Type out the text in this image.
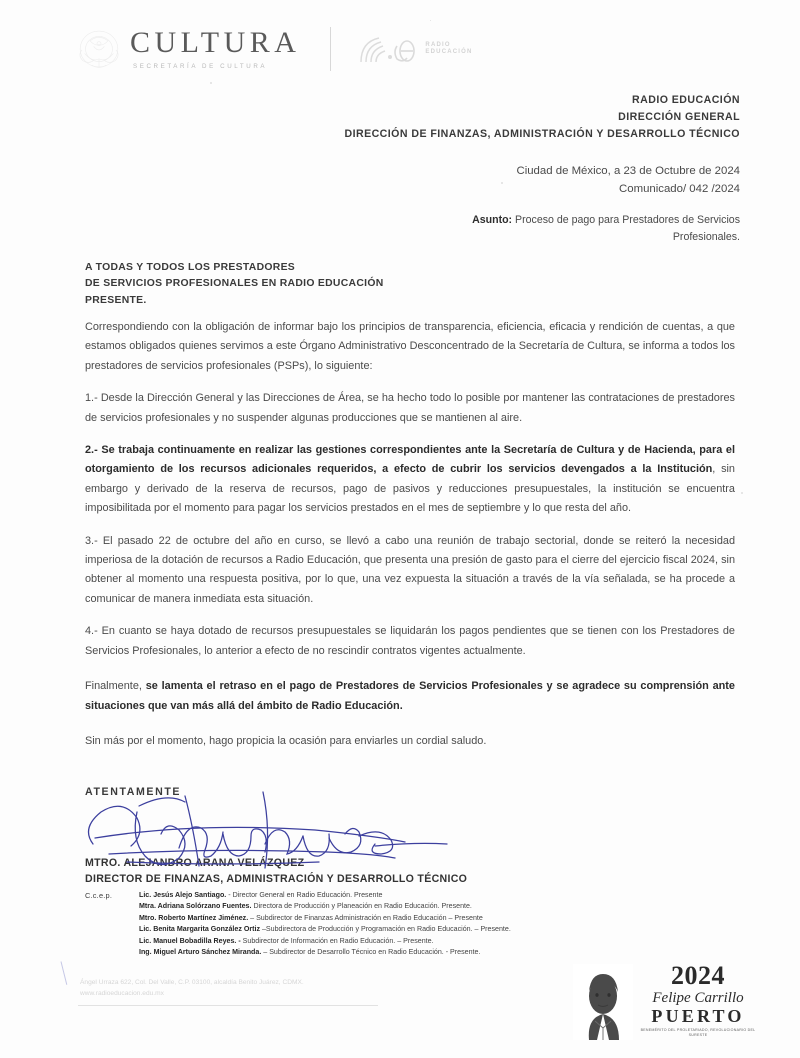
CULTURA
SECRETARÍA DE CULTURA
RADIO
EDUCACIÓN
RADIO EDUCACIÓN
DIRECCIÓN GENERAL
DIRECCIÓN DE FINANZAS, ADMINISTRACIÓN Y DESARROLLO TÉCNICO
Ciudad de México, a 23 de Octubre de 2024
Comunicado/ 042 /2024
Asunto: Proceso de pago para Prestadores de Servicios
Profesionales.
A TODAS Y TODOS LOS PRESTADORES
DE SERVICIOS PROFESIONALES EN RADIO EDUCACIÓN
PRESENTE.

Correspondiendo con la obligación de informar bajo los principios de transparencia, eficiencia, eficacia y rendición de cuentas, a que estamos obligados quienes servimos a este Órgano Administrativo Desconcentrado de la Secretaría de Cultura, se informa a todos los prestadores de servicios profesionales (PSPs), lo siguiente:

1.- Desde la Dirección General y las Direcciones de Área, se ha hecho todo lo posible por mantener las contrataciones de prestadores de servicios profesionales y no suspender algunas producciones que se mantienen al aire.

2.- Se trabaja continuamente en realizar las gestiones correspondientes ante la Secretaría de Cultura y de Hacienda, para el otorgamiento de los recursos adicionales requeridos, a efecto de cubrir los servicios devengados a la Institución, sin embargo y derivado de la reserva de recursos, pago de pasivos y reducciones presupuestales, la institución se encuentra imposibilitada por el momento para pagar los servicios prestados en el mes de septiembre y lo que resta del año.

3.- El pasado 22 de octubre del año en curso, se llevó a cabo una reunión de trabajo sectorial, donde se reiteró la necesidad imperiosa de la dotación de recursos a Radio Educación, que presenta una presión de gasto para el cierre del ejercicio fiscal 2024, sin obtener al momento una respuesta positiva, por lo que, una vez expuesta la situación a través de la vía señalada, se ha procede a comunicar de manera inmediata esta situación.

4.- En cuanto se haya dotado de recursos presupuestales se liquidarán los pagos pendientes que se tienen con los Prestadores de Servicios Profesionales, lo anterior a efecto de no rescindir contratos vigentes actualmente.

Finalmente, se lamenta el retraso en el pago de Prestadores de Servicios Profesionales y se agradece su comprensión ante situaciones que van más allá del ámbito de Radio Educación.

Sin más por el momento, hago propicia la ocasión para enviarles un cordial saludo.

ATENTAMENTE
MTRO. ALEJANDRO ARANA VELÁZQUEZ
DIRECTOR DE FINANZAS, ADMINISTRACIÓN Y DESARROLLO TÉCNICO
C.c.e.p.	Lic. Jesús Alejo Santiago. - Director General en Radio Educación. Presente
Mtra. Adriana Solórzano Fuentes. Directora de Producción y Planeación en Radio Educación. Presente.
Mtro. Roberto Martínez Jiménez. – Subdirector de Finanzas Administración en Radio Educación – Presente
Lic. Benita Margarita González Ortiz –Subdirectora de Producción y Programación en Radio Educación. – Presente.
Lic. Manuel Bobadilla Reyes. - Subdirector de Información en Radio Educación. – Presente.
Ing. Miguel Arturo Sánchez Miranda. – Subdirector de Desarrollo Técnico en Radio Educación. - Presente.
Ángel Urraza 622, Col. Del Valle, C.P. 03100, alcaldía Benito Juárez, CDMX.
www.radioeducacion.edu.mx
2024
Felipe Carrillo
PUERTO
BENEMÉRITO DEL PROLETARIADO, REVOLUCIONARIO DEL SURESTE
